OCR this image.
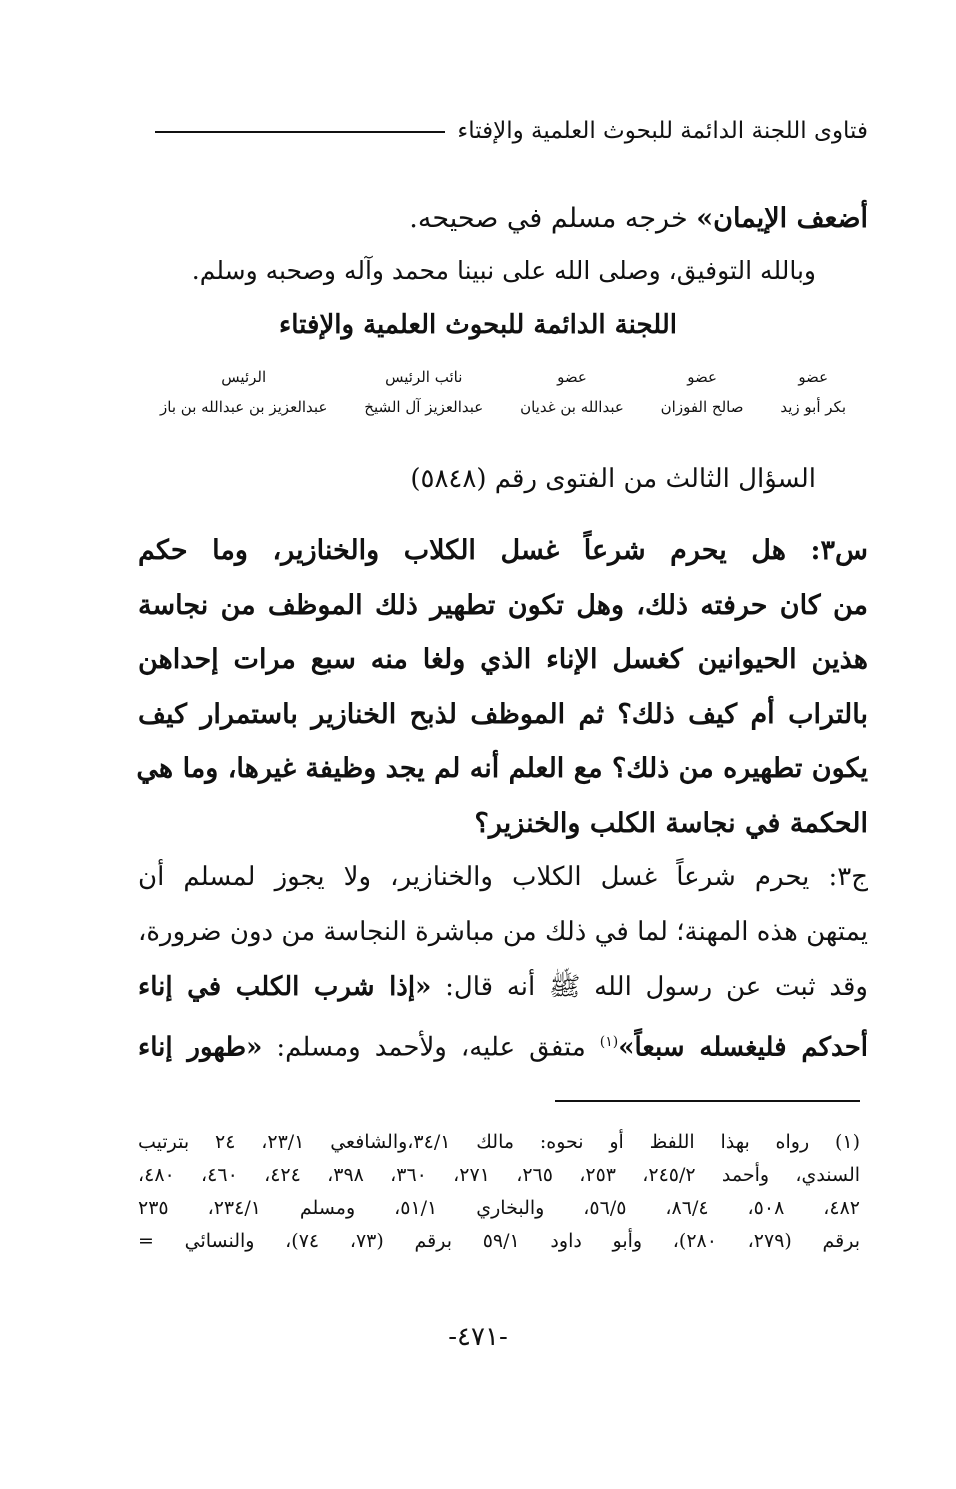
فتاوى اللجنة الدائمة للبحوث العلمية والإفتاء
أضعف الإيمان» خرجه مسلم في صحيحه.
وبالله التوفيق، وصلى الله على نبينا محمد وآله وصحبه وسلم.
اللجنة الدائمة للبحوث العلمية والإفتاء
عضو
بكر أبو زيد
عضو
صالح الفوزان
عضو
عبدالله بن غديان
نائب الرئيس
عبدالعزيز آل الشيخ
الرئيس
عبدالعزيز بن عبدالله بن باز
السؤال الثالث من الفتوى رقم (٥٨٤٨)
س٣: هل يحرم شرعاً غسل الكلاب والخنازير، وما حكم
من كان حرفته ذلك، وهل تكون تطهير ذلك الموظف من نجاسة
هذين الحيوانين كغسل الإناء الذي ولغا منه سبع مرات إحداهن
بالتراب أم كيف ذلك؟ ثم الموظف لذبح الخنازير باستمرار كيف
يكون تطهيره من ذلك؟ مع العلم أنه لم يجد وظيفة غيرها، وما هي
الحكمة في نجاسة الكلب والخنزير؟
ج٣: يحرم شرعاً غسل الكلاب والخنازير، ولا يجوز لمسلم أن
يمتهن هذه المهنة؛ لما في ذلك من مباشرة النجاسة من دون ضرورة،
وقد ثبت عن رسول الله ﷺ أنه قال: «إذا شرب الكلب في إناء
أحدكم فليغسله سبعاً»$^{(١)}$ متفق عليه، ولأحمد ومسلم: «طهور إناء
(١) رواه بهذا اللفظ أو نحوه: مالك ٣٤/١،والشافعي ٢٣/١، ٢٤ بترتيب
السندي، وأحمد ٢٤٥/٢، ٢٥٣، ٢٦٥، ٢٧١، ٣٦٠، ٣٩٨، ٤٢٤، ٤٦٠، ٤٨٠،
٤٨٢، ٥٠٨، ٨٦/٤، ٥٦/٥، والبخاري ٥١/١، ومسلم ٢٣٤/١، ٢٣٥
برقم (٢٧٩، ٢٨٠)، وأبو داود ٥٩/١ برقم (٧٣، ٧٤)، والنسائي =
-٤٧١-
